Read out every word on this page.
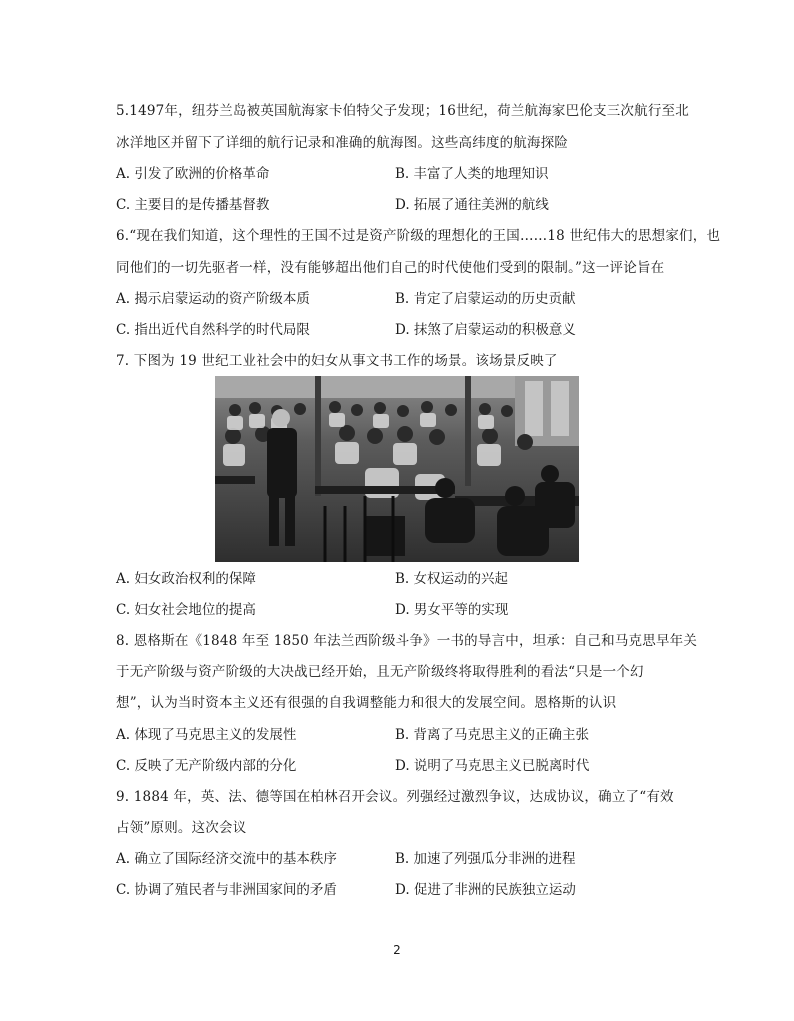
5.1497年，纽芬兰岛被英国航海家卡伯特父子发现；16世纪，荷兰航海家巴伦支三次航行至北
冰洋地区并留下了详细的航行记录和准确的航海图。这些高纬度的航海探险
A. 引发了欧洲的价格革命	B. 丰富了人类的地理知识
C. 主要目的是传播基督教	D. 拓展了通往美洲的航线
6.“现在我们知道，这个理性的王国不过是资产阶级的理想化的王国……18 世纪伟大的思想家们，也
同他们的一切先驱者一样，没有能够超出他们自己的时代使他们受到的限制。”这一评论旨在
A. 揭示启蒙运动的资产阶级本质	B. 肯定了启蒙运动的历史贡献
C. 指出近代自然科学的时代局限	D. 抹煞了启蒙运动的积极意义
7. 下图为 19 世纪工业社会中的妇女从事文书工作的场景。该场景反映了
A. 妇女政治权利的保障	B. 女权运动的兴起
C. 妇女社会地位的提高	D. 男女平等的实现
8. 恩格斯在《1848 年至 1850 年法兰西阶级斗争》一书的导言中，坦承：自己和马克思早年关
于无产阶级与资产阶级的大决战已经开始，且无产阶级终将取得胜利的看法“只是一个幻
想”，认为当时资本主义还有很强的自我调整能力和很大的发展空间。恩格斯的认识
A. 体现了马克思主义的发展性	B. 背离了马克思主义的正确主张
C. 反映了无产阶级内部的分化	D. 说明了马克思主义已脱离时代
9. 1884 年，英、法、德等国在柏林召开会议。列强经过激烈争议，达成协议，确立了“有效
占领”原则。这次会议
A. 确立了国际经济交流中的基本秩序	B. 加速了列强瓜分非洲的进程
C. 协调了殖民者与非洲国家间的矛盾	D. 促进了非洲的民族独立运动
2
